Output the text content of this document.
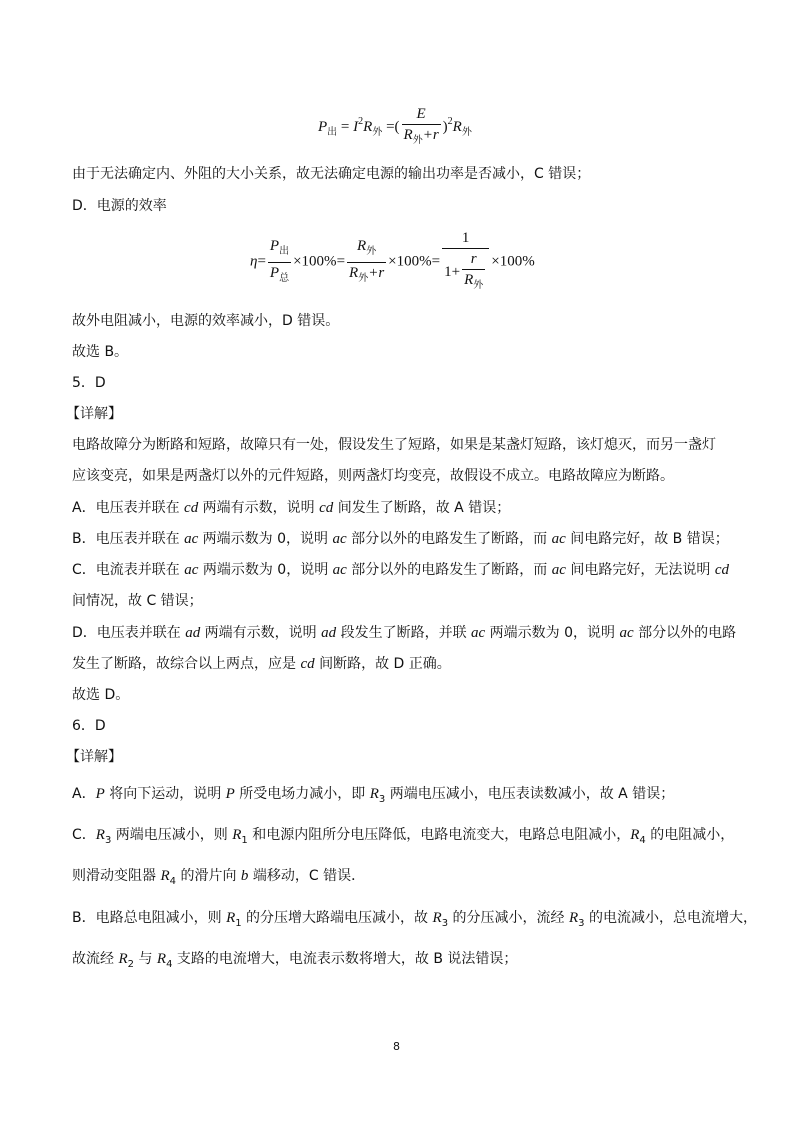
$P_出 = I^2R_外$ =( $\frac{E}{R_外+r} )^2R_外$
由于无法确定内、外阻的大小关系，故无法确定电源的输出功率是否减小，C 错误；
D．电源的效率
$\eta= \frac{P_出}{P_总} \times 100\%= \frac{R_外}{R_外+r} \times 100\%= \frac{1}{1+ \frac{r}{R_外}} \times 100\%$
故外电阻减小，电源的效率减小，D 错误。
故选 B。
5．D
【详解】
电路故障分为断路和短路，故障只有一处，假设发生了短路，如果是某盏灯短路，该灯熄灭，而另一盏灯
应该变亮，如果是两盏灯以外的元件短路，则两盏灯均变亮，故假设不成立。电路故障应为断路。
A．电压表并联在 cd 两端有示数，说明 cd 间发生了断路，故 A 错误；
B．电压表并联在 ac 两端示数为 0，说明 ac 部分以外的电路发生了断路，而 ac 间电路完好，故 B 错误；
C．电流表并联在 ac 两端示数为 0，说明 ac 部分以外的电路发生了断路，而 ac 间电路完好，无法说明 cd
间情况，故 C 错误；
D．电压表并联在 ad 两端有示数，说明 ad 段发生了断路，并联 ac 两端示数为 0，说明 ac 部分以外的电路
发生了断路，故综合以上两点，应是 cd 间断路，故 D 正确。
故选 D。
6．D
【详解】
A．P 将向下运动，说明 P 所受电场力减小，即 $R_3$ 两端电压减小，电压表读数减小，故 A 错误；
C．$R_3$ 两端电压减小，则 $R_1$ 和电源内阻所分电压降低，电路电流变大，电路总电阻减小，$R_4$ 的电阻减小，
则滑动变阻器 $R_4$ 的滑片向 b 端移动，C 错误．
B．电路总电阻减小，则 $R_1$ 的分压增大路端电压减小，故 $R_3$ 的分压减小，流经 $R_3$ 的电流减小，总电流增大，
故流经 $R_2$ 与 $R_4$ 支路的电流增大，电流表示数将增大，故 B 说法错误；
8
